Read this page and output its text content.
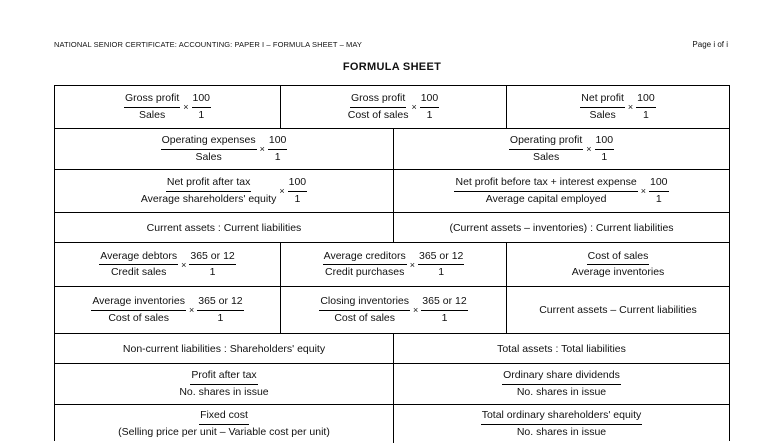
NATIONAL SENIOR CERTIFICATE: ACCOUNTING: PAPER I – FORMULA SHEET – MAY	Page i of i
FORMULA SHEET
$\frac{\text{Gross profit}}{\text{Sales}} \times \frac{100}{1}$	$\frac{\text{Gross profit}}{\text{Cost of sales}} \times \frac{100}{1}$	$\frac{\text{Net profit}}{\text{Sales}} \times \frac{100}{1}$
$\frac{\text{Operating expenses}}{\text{Sales}} \times \frac{100}{1}$	$\frac{\text{Operating profit}}{\text{Sales}} \times \frac{100}{1}$
$\frac{\text{Net profit after tax}}{\text{Average shareholders' equity}} \times \frac{100}{1}$	$\frac{\text{Net profit before tax + interest expense}}{\text{Average capital employed}} \times \frac{100}{1}$
Current assets : Current liabilities	(Current assets – inventories) : Current liabilities
$\frac{\text{Average debtors}}{\text{Credit sales}} \times \frac{365 or 12}{1}$	$\frac{\text{Average creditors}}{\text{Credit purchases}} \times \frac{365 or 12}{1}$	$\frac{\text{Cost of sales}}{\text{Average inventories}}$
$\frac{\text{Average inventories}}{\text{Cost of sales}} \times \frac{365 or 12}{1}$	$\frac{\text{Closing inventories}}{\text{Cost of sales}} \times \frac{365 or 12}{1}$	Current assets – Current liabilities
Non-current liabilities : Shareholders' equity	Total assets : Total liabilities
$\frac{\text{Profit after tax}}{\text{No. shares in issue}}$	$\frac{\text{Ordinary share dividends}}{\text{No. shares in issue}}$
$\frac{\text{Fixed cost}}{\text{(Selling price per unit – Variable cost per unit)}}$	$\frac{\text{Total ordinary shareholders' equity}}{\text{No. shares in issue}}$
